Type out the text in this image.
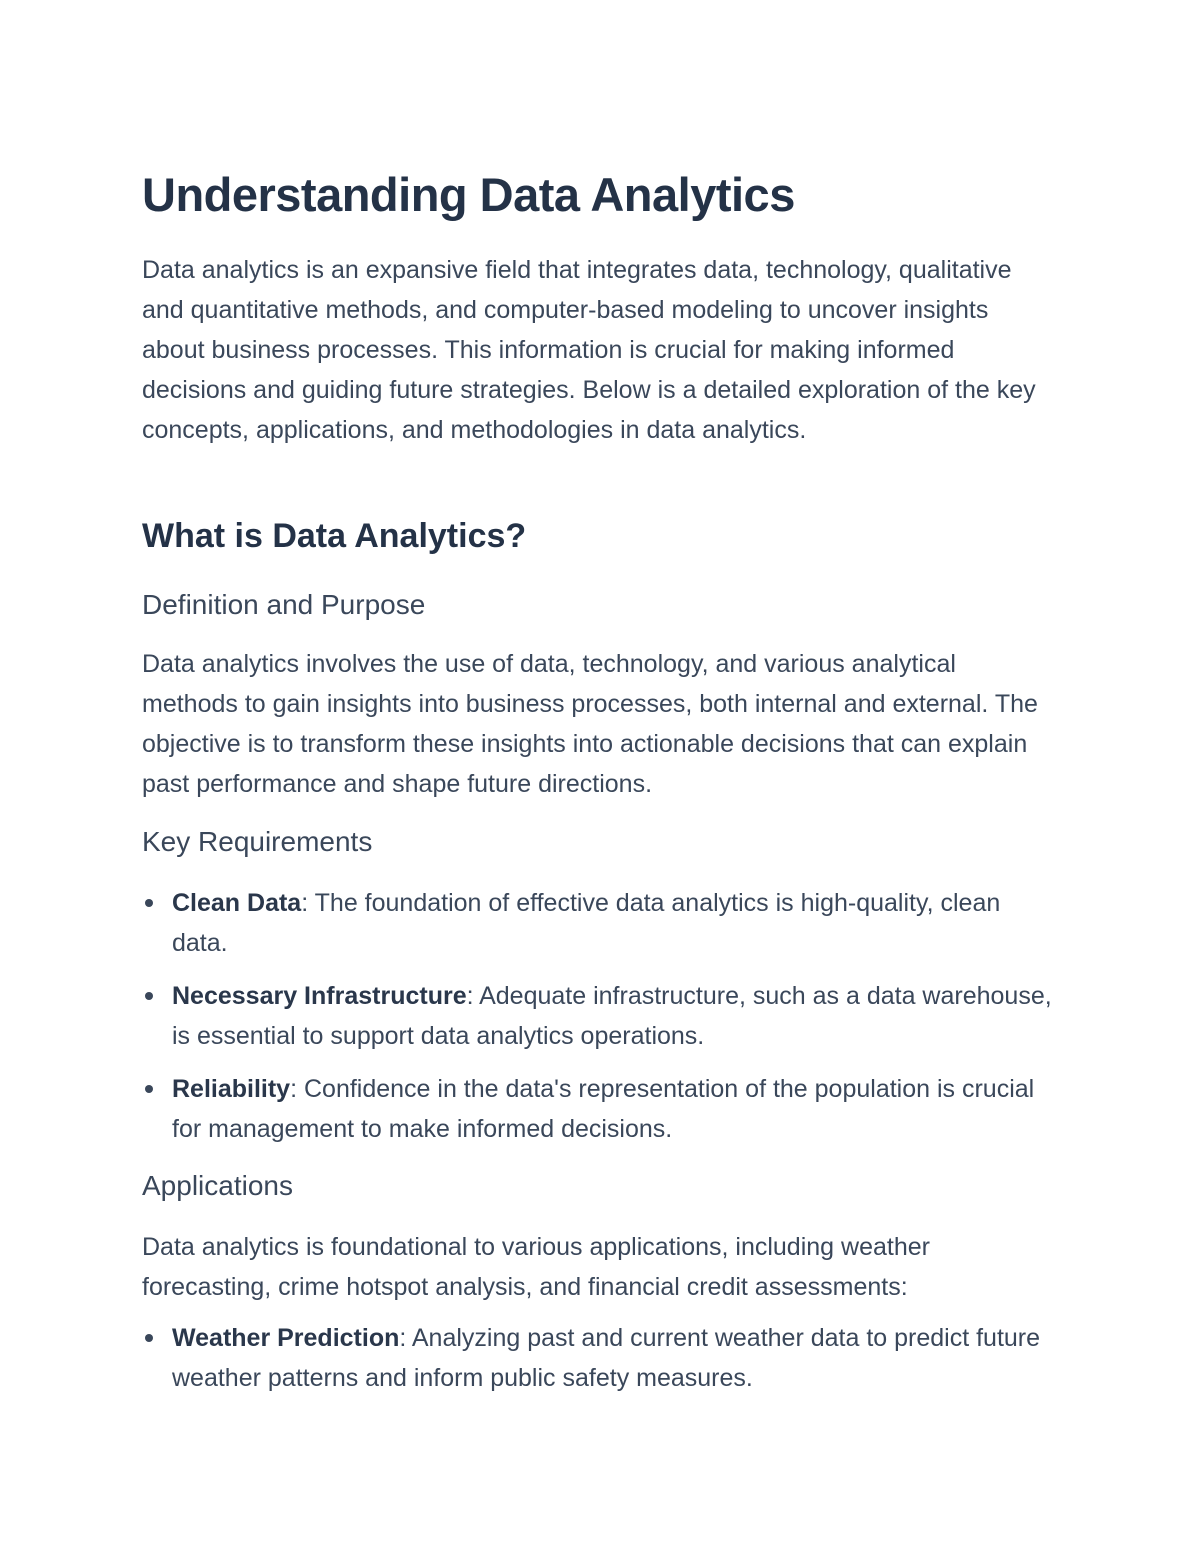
Understanding Data Analytics

Data analytics is an expansive field that integrates data, technology, qualitative and quantitative methods, and computer-based modeling to uncover insights about business processes. This information is crucial for making informed decisions and guiding future strategies. Below is a detailed exploration of the key concepts, applications, and methodologies in data analytics.

What is Data Analytics?
Definition and Purpose

Data analytics involves the use of data, technology, and various analytical methods to gain insights into business processes, both internal and external. The objective is to transform these insights into actionable decisions that can explain past performance and shape future directions.

Key Requirements
Clean Data: The foundation of effective data analytics is high-quality, clean data.
Necessary Infrastructure: Adequate infrastructure, such as a data warehouse, is essential to support data analytics operations.
Reliability: Confidence in the data's representation of the population is crucial for management to make informed decisions.
Applications

Data analytics is foundational to various applications, including weather forecasting, crime hotspot analysis, and financial credit assessments:

Weather Prediction: Analyzing past and current weather data to predict future weather patterns and inform public safety measures.
